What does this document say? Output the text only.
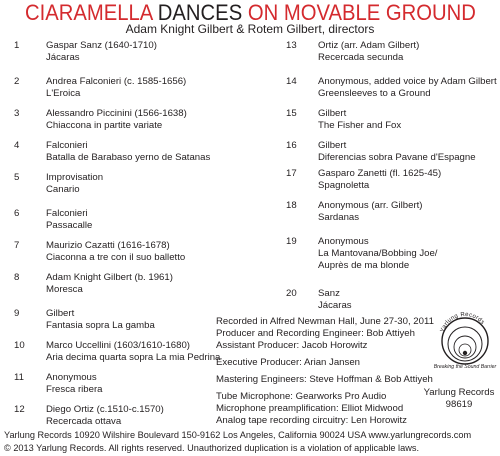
CIARAMELLA DANCES ON MOVABLE GROUND
Adam Knight Gilbert & Rotem Gilbert, directors
1	Gaspar Sanz (1640-1710)
Jácaras
2	Andrea Falconieri (c. 1585-1656)
L'Eroica
3	Alessandro Piccinini (1566-1638)
Chiaccona in partite variate
4	Falconieri
Batalla de Barabaso yerno de Satanas
5	Improvisation
Canario
6	Falconieri
Passacalle
7	Maurizio Cazatti (1616-1678)
Ciaconna a tre con il suo balletto
8	Adam Knight Gilbert (b. 1961)
Moresca
9	Gilbert
Fantasia sopra La gamba
10	Marco Uccellini (1603/1610-1680)
Aria decima quarta sopra La mia Pedrina
11	Anonymous
Fresca ribera
12	Diego Ortiz (c.1510-c.1570)
Recercada ottava
13	Ortiz (arr. Adam Gilbert)
Recercada secunda
14	Anonymous, added voice by Adam Gilbert
Greensleeves to a Ground
15	Gilbert
The Fisher and Fox
16	Gilbert
Diferencias sobra Pavane d'Espagne
17	Gasparo Zanetti (fl. 1625-45)
Spagnoletta
18	Anonymous (arr. Gilbert)
Sardanas
19	Anonymous
La Mantovana/Bobbing Joe/
Auprès de ma blonde
20	Sanz
Jácaras
Recorded in Alfred Newman Hall, June 27-30, 2011
Producer and Recording Engineer: Bob Attiyeh
Assistant Producer: Jacob Horowitz
Executive Producer: Arian Jansen
Mastering Engineers: Steve Hoffman & Bob Attiyeh
Tube Microphone: Gearworks Pro Audio
Microphone preamplification: Elliot Midwood
Analog tape recording circuitry: Len Horowitz
Yarlung Records
Breaking the Sound Barrier
Yarlung Records
98619
Yarlung Records 10920 Wilshire Boulevard 150-9162 Los Angeles, California 90024 USA www.yarlungrecords.com
© 2013 Yarlung Records. All rights reserved. Unauthorized duplication is a violation of applicable laws.
